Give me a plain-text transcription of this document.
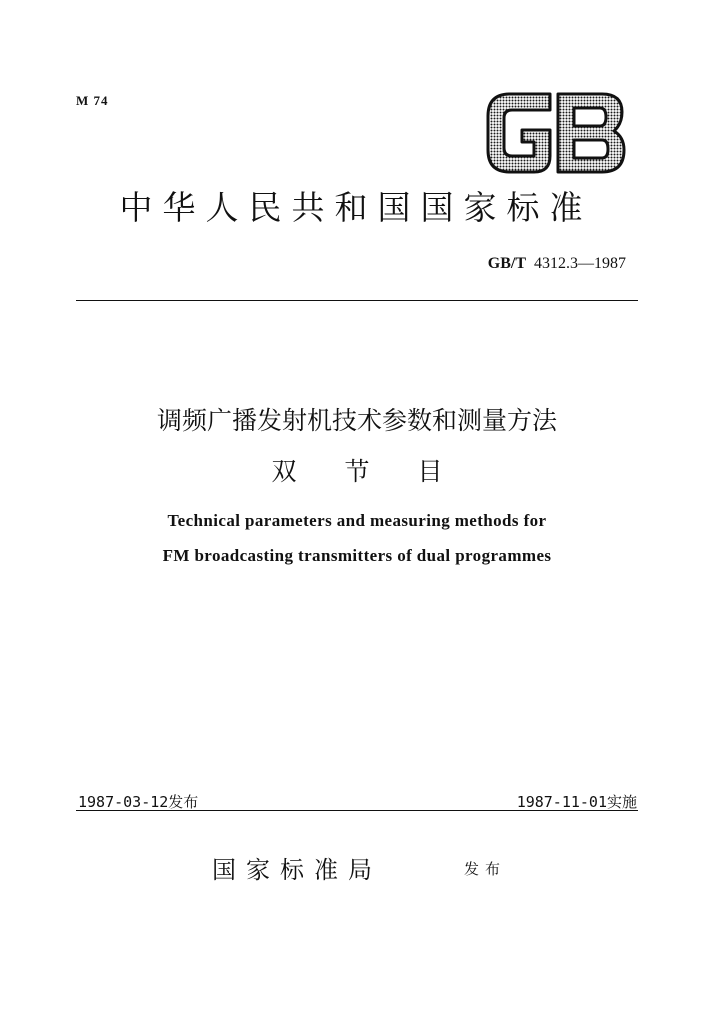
M 74
中华人民共和国国家标准
GB/T 4312.3—1987
调频广播发射机技术参数和测量方法
双节目
Technical parameters and measuring methods for
FM broadcasting transmitters of dual programmes
1987-03-12发布	1987-11-01实施
国家标准局	发布
